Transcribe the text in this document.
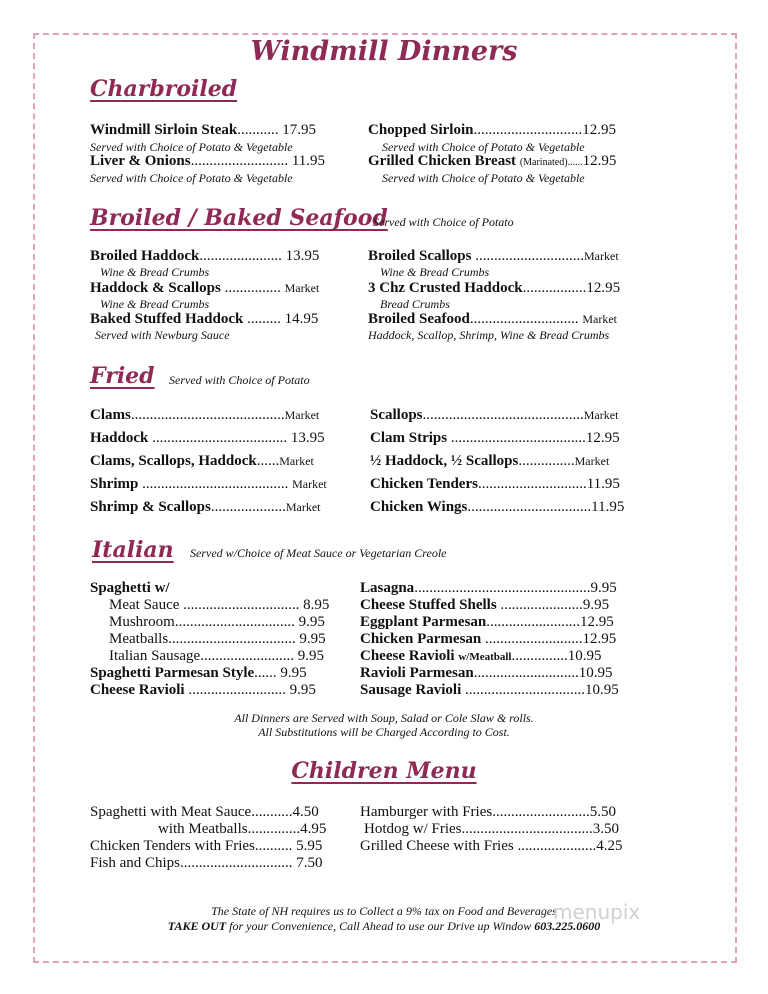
Windmill Dinners
Charbroiled
Windmill Sirloin Steak........... 17.95
Served with Choice of Potato & Vegetable
Liver & Onions.......................... 11.95
Served with Choice of Potato & Vegetable
Chopped Sirloin.............................12.95
Served with Choice of Potato & Vegetable
Grilled Chicken Breast (Marinated)......12.95
Served with Choice of Potato & Vegetable
Broiled / Baked Seafood
Served with Choice of Potato
Broiled Haddock...................... 13.95
Wine & Bread Crumbs
Haddock & Scallops ............... Market
Wine & Bread Crumbs
Baked Stuffed Haddock ......... 14.95
Served with Newburg Sauce
Broiled Scallops .............................Market
Wine & Bread Crumbs
3 Chz Crusted Haddock.................12.95
Bread Crumbs
Broiled Seafood............................. Market
Haddock, Scallop, Shrimp, Wine & Bread Crumbs
Fried Served with Choice of Potato
Clams.........................................Market
Haddock .................................... 13.95
Clams, Scallops, Haddock......Market
Shrimp ....................................... Market
Shrimp & Scallops....................Market
Scallops...........................................Market
Clam Strips ....................................12.95
½ Haddock, ½ Scallops...............Market
Chicken Tenders.............................11.95
Chicken Wings.................................11.95
Italian Served w/Choice of Meat Sauce or Vegetarian Creole
Spaghetti w/
Meat Sauce ............................... 8.95
Mushroom................................ 9.95
Meatballs.................................. 9.95
Italian Sausage......................... 9.95
Spaghetti Parmesan Style...... 9.95
Cheese Ravioli .......................... 9.95
Lasagna...............................................9.95
Cheese Stuffed Shells ......................9.95
Eggplant Parmesan.........................12.95
Chicken Parmesan ..........................12.95
Cheese Ravioli w/Meatball...............10.95
Ravioli Parmesan............................10.95
Sausage Ravioli ................................10.95
All Dinners are Served with Soup, Salad or Cole Slaw & rolls.
All Substitutions will be Charged According to Cost.
Children Menu
Spaghetti with Meat Sauce...........4.50
with Meatballs..............4.95
Chicken Tenders with Fries.......... 5.95
Fish and Chips.............................. 7.50
Hamburger with Fries..........................5.50
Hotdog w/ Fries...................................3.50
Grilled Cheese with Fries .....................4.25
The State of NH requires us to Collect a 9% tax on Food and Beverages
TAKE OUT for your Convenience, Call Ahead to use our Drive up Window 603.225.0600
menupix
